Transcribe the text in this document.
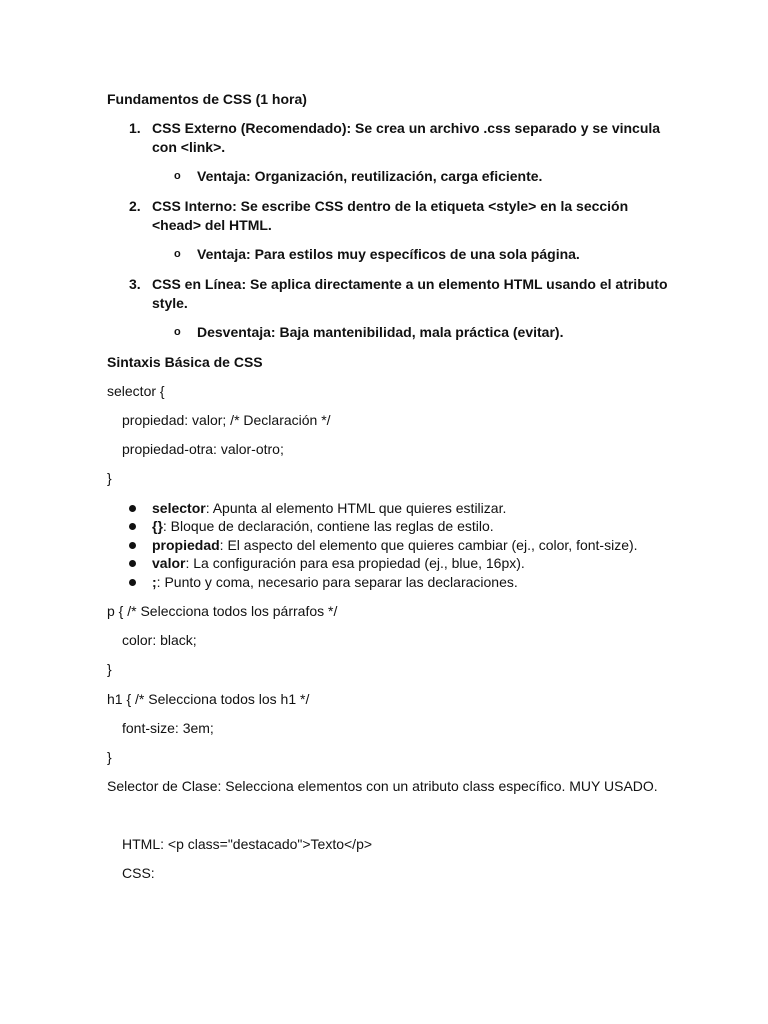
Fundamentos de CSS (1 hora)
1. CSS Externo (Recomendado): Se crea un archivo .css separado y se vincula
con <link>.
o Ventaja: Organización, reutilización, carga eficiente.
2. CSS Interno: Se escribe CSS dentro de la etiqueta <style> en la sección
<head> del HTML.
o Ventaja: Para estilos muy específicos de una sola página.
3. CSS en Línea: Se aplica directamente a un elemento HTML usando el atributo
style.
o Desventaja: Baja mantenibilidad, mala práctica (evitar).
Sintaxis Básica de CSS
selector {
propiedad: valor; /* Declaración */
propiedad-otra: valor-otro;
}
selector: Apunta al elemento HTML que quieres estilizar.
{}: Bloque de declaración, contiene las reglas de estilo.
propiedad: El aspecto del elemento que quieres cambiar (ej., color, font-size).
valor: La configuración para esa propiedad (ej., blue, 16px).
;: Punto y coma, necesario para separar las declaraciones.
p { /* Selecciona todos los párrafos */
color: black;
}
h1 { /* Selecciona todos los h1 */
font-size: 3em;
}
Selector de Clase: Selecciona elementos con un atributo class específico. MUY USADO.
HTML: <p class="destacado">Texto</p>
CSS:
